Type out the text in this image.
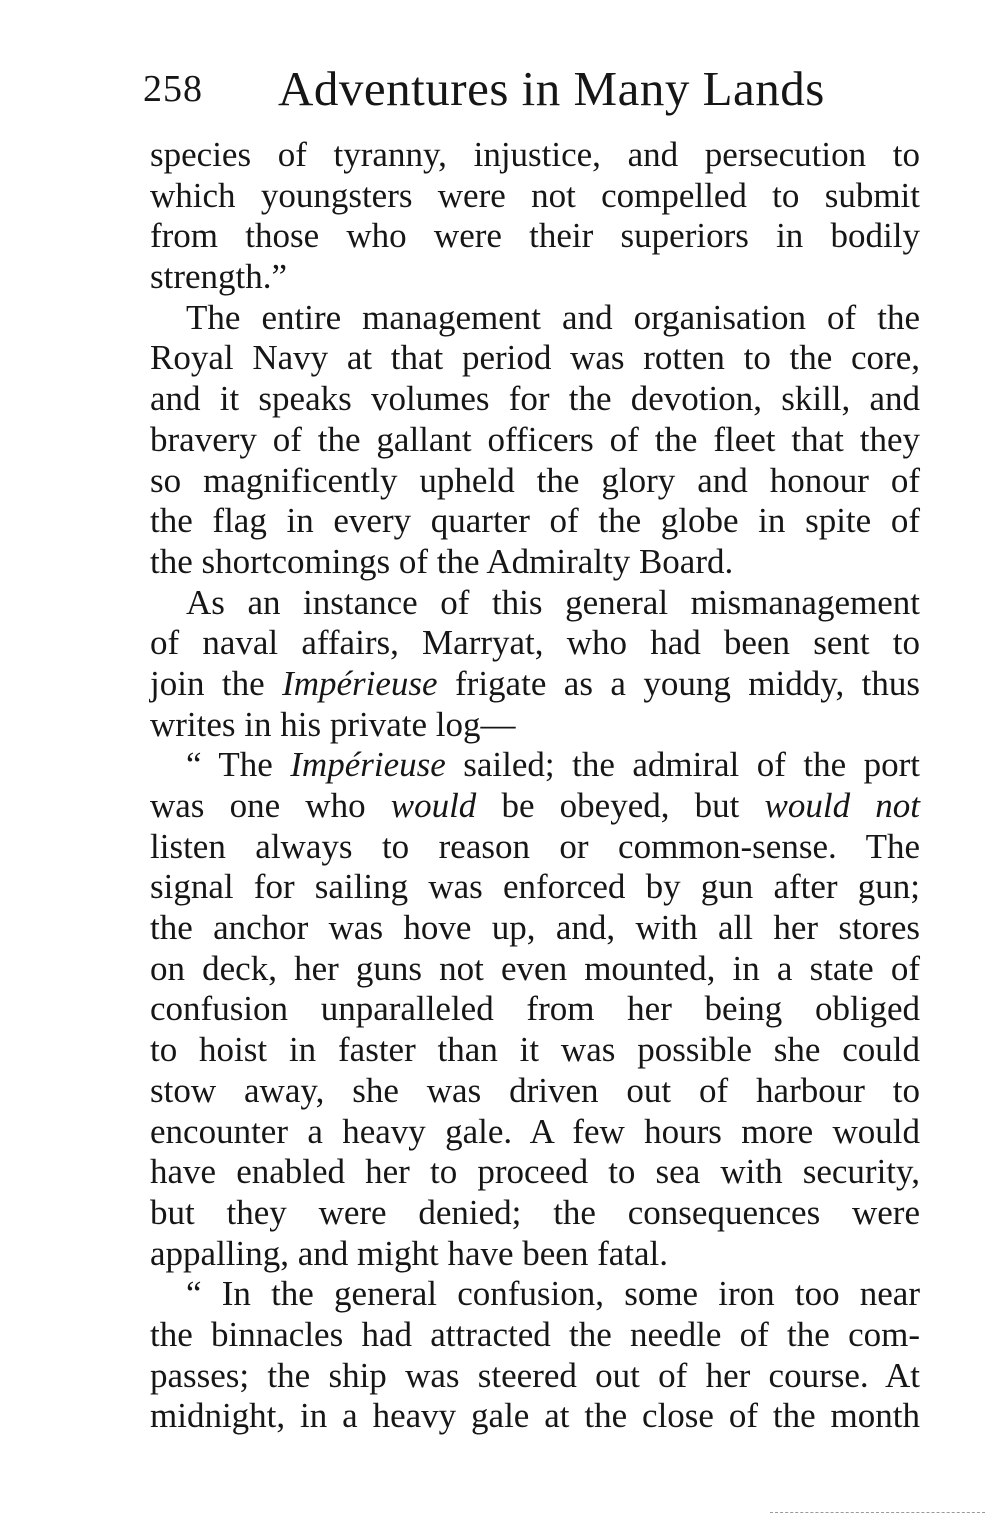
258 Adventures in Many Lands
species of tyranny, injustice, and persecution to
which youngsters were not compelled to submit
from those who were their superiors in bodily
strength.”
The entire management and organisation of the
Royal Navy at that period was rotten to the core,
and it speaks volumes for the devotion, skill, and
bravery of the gallant officers of the fleet that they
so magnificently upheld the glory and honour of
the flag in every quarter of the globe in spite of
the shortcomings of the Admiralty Board.
As an instance of this general mismanagement
of naval affairs, Marryat, who had been sent to
join the Impérieuse frigate as a young middy, thus
writes in his private log—
“ The Impérieuse sailed; the admiral of the port
was one who would be obeyed, but would not
listen always to reason or common-sense. The
signal for sailing was enforced by gun after gun;
the anchor was hove up, and, with all her stores
on deck, her guns not even mounted, in a state of
confusion unparalleled from her being obliged
to hoist in faster than it was possible she could
stow away, she was driven out of harbour to
encounter a heavy gale. A few hours more would
have enabled her to proceed to sea with security,
but they were denied; the consequences were
appalling, and might have been fatal.
“ In the general confusion, some iron too near
the binnacles had attracted the needle of the com-
passes; the ship was steered out of her course. At
midnight, in a heavy gale at the close of the month
